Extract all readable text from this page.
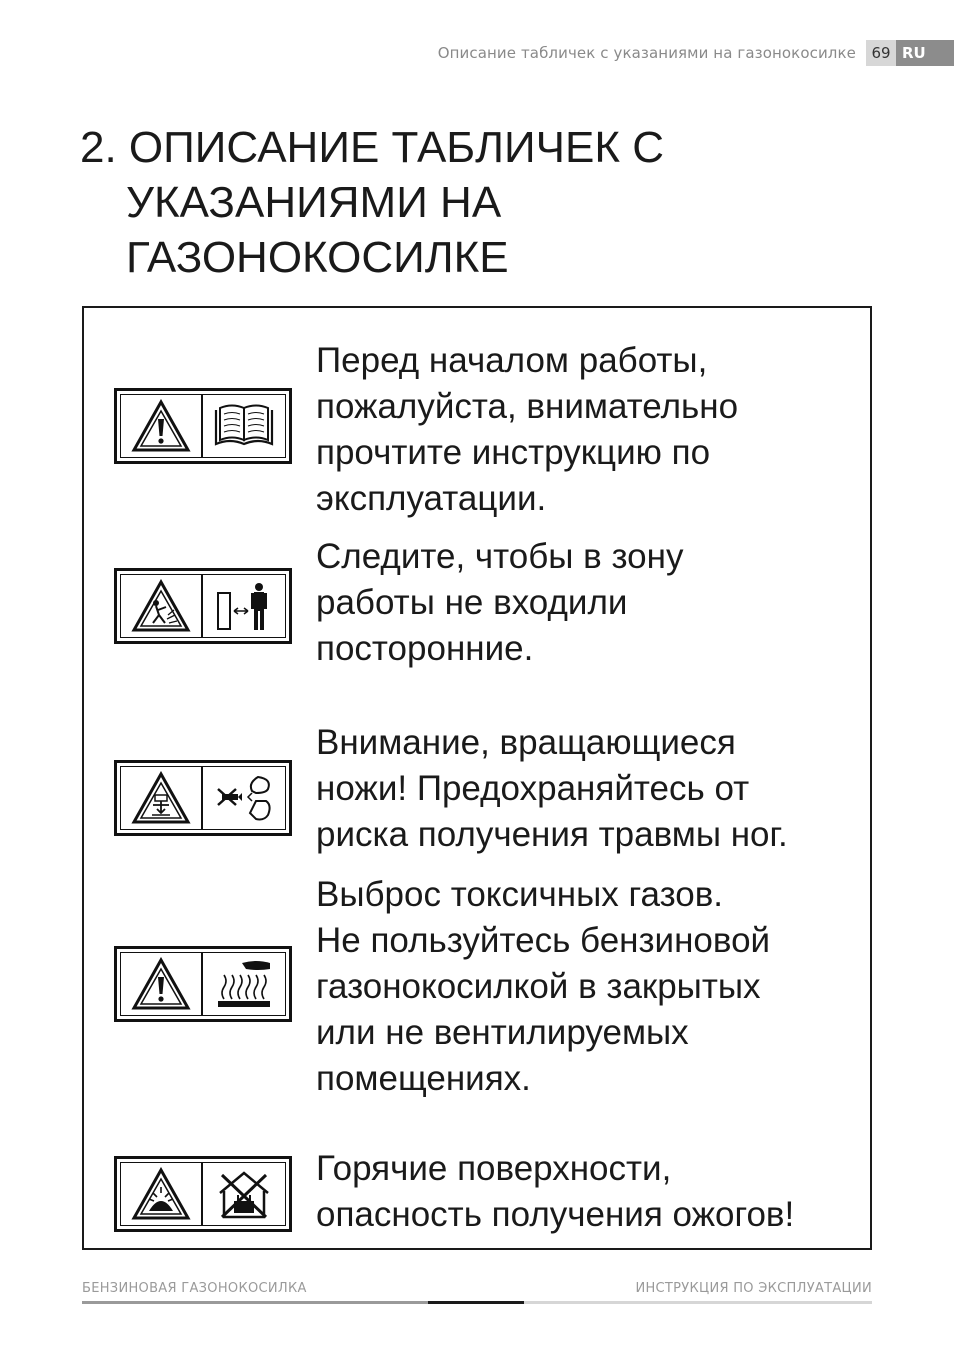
Описание табличек с указаниями на газонокосилке	69 RU
2. ОПИСАНИЕ ТАБЛИЧЕК С
УКАЗАНИЯМИ НА
ГАЗОНОКОСИЛКЕ

Перед началом работы,
пожалуйста, внимательно
прочтите инструкцию по
эксплуатации.

Следите, чтобы в зону
работы не входили
посторонние.

Внимание, вращающиеся
ножи! Предохраняйтесь от
риска получения травмы ног.

Выброс токсичных газов.
Не пользуйтесь бензиновой
газонокосилкой в закрытых
или не вентилируемых
помещениях.

Горячие поверхности,
опасность получения ожогов!

БЕНЗИНОВАЯ ГАЗОНОКОСИЛКА	ИНСТРУКЦИЯ ПО ЭКСПЛУАТАЦИИ
